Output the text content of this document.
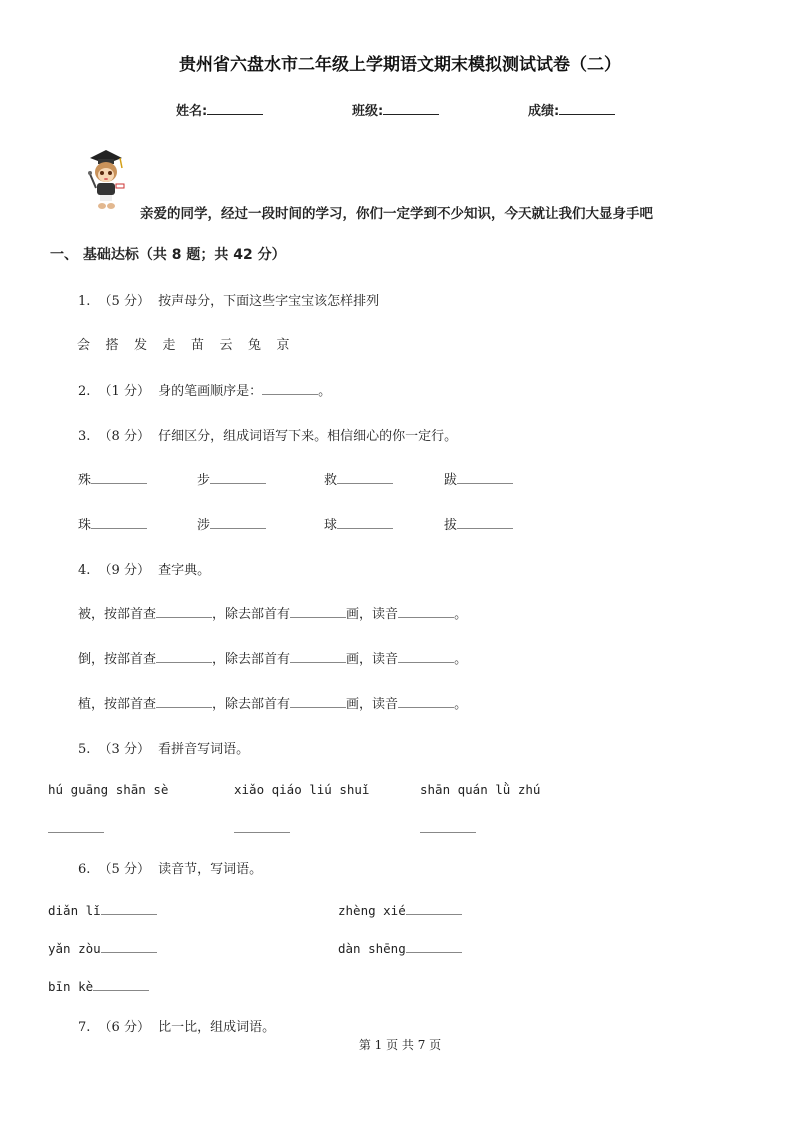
贵州省六盘水市二年级上学期语文期末模拟测试试卷（二）
姓名:	班级:	成绩:
亲爱的同学，经过一段时间的学习，你们一定学到不少知识，今天就让我们大显身手吧
一、 基础达标（共 8 题；共 42 分）
1. （5 分） 按声母分，下面这些字宝宝该怎样排列
会 搭 发 走 苗 云 兔 京
2. （1 分） 身的笔画顺序是：	。
3. （8 分） 仔细区分，组成词语写下来。相信细心的你一定行。
殊	步	救	跋
珠	涉	球	拔
4. （9 分） 查字典。
被，按部首查	，除去部首有	画，读音	。
倒，按部首查	，除去部首有	画，读音	。
植，按部首查	，除去部首有	画，读音	。
5. （3 分） 看拼音写词语。
hú guāng shān sè	xiǎo qiáo liú shuǐ	shān quán lǜ zhú
6. （5 分） 读音节，写词语。
diǎn lǐ	zhèng xié
yǎn zòu	dàn shēng
bīn kè
7. （6 分） 比一比，组成词语。
第 1 页 共 7 页
